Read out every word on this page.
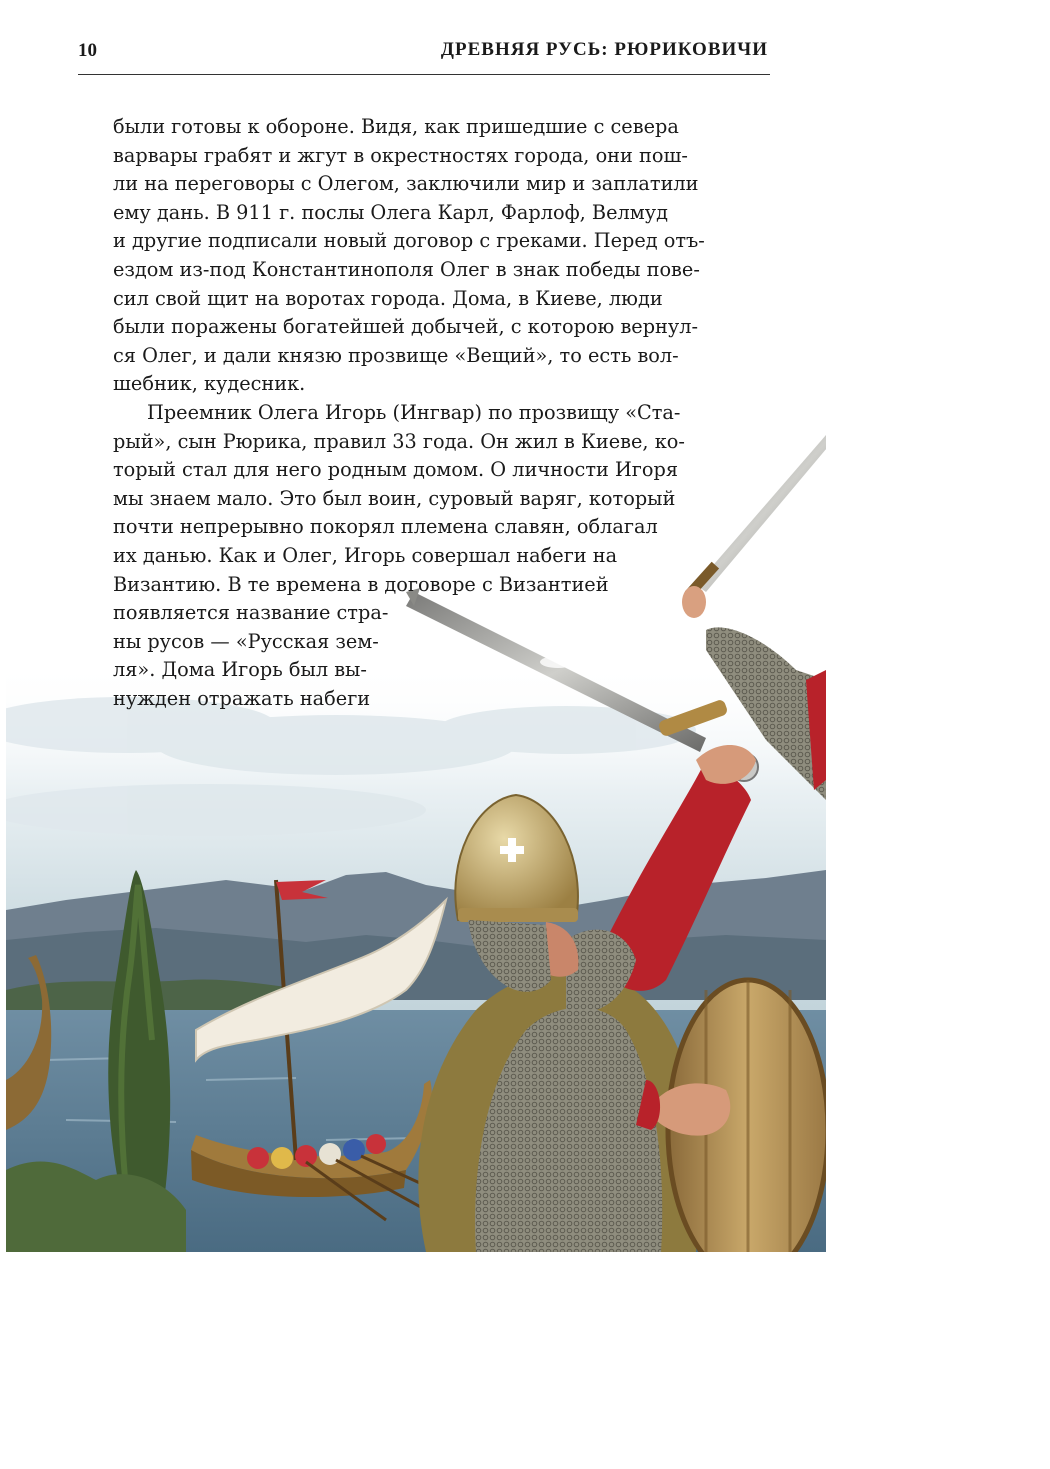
10	ДРЕВНЯЯ РУСЬ: РЮРИКОВИЧИ
были готовы к обороне. Видя, как пришедшие с севера
варвары грабят и жгут в окрестностях города, они пош-
ли на переговоры с Олегом, заключили мир и заплатили
ему дань. В 911 г. послы Олега Карл, Фарлоф, Велмуд
и другие подписали новый договор с греками. Перед отъ-
ездом из-под Константинополя Олег в знак победы пове-
сил свой щит на воротах города. Дома, в Киеве, люди
были поражены богатейшей добычей, с которою вернул-
ся Олег, и дали князю прозвище «Вещий», то есть вол-
шебник, кудесник.
Преемник Олега Игорь (Ингвар) по прозвищу «Ста-
рый», сын Рюрика, правил 33 года. Он жил в Киеве, ко-
торый стал для него родным домом. О личности Игоря
мы знаем мало. Это был воин, суровый варяг, который
почти непрерывно покорял племена славян, облагал
их данью. Как и Олег, Игорь совершал набеги на
Византию. В те времена в договоре с Византией
появляется название стра-
ны русов — «Русская зем-
ля». Дома Игорь был вы-
нужден отражать набеги
